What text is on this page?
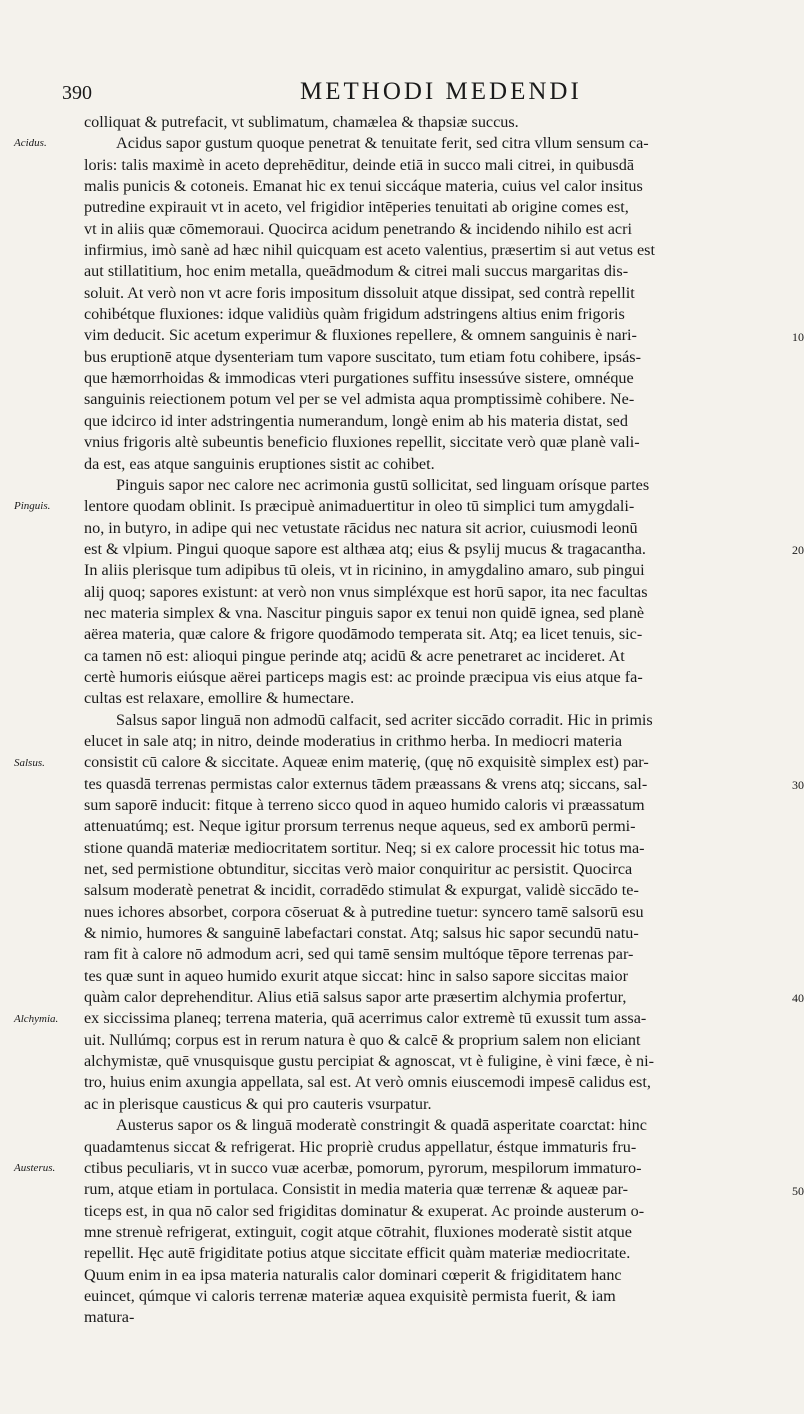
390	METHODI MEDENDI
colliquat & putrefacit, vt sublimatum, chamælea & thapsiæ succus.
Acidus sapor gustum quoque penetrat & tenuitate ferit, sed citra vllum sensum ca-
loris: talis maximè in aceto deprehēditur, deinde etiā in succo mali citrei, in quibusdā
malis punicis & cotoneis. Emanat hic ex tenui siccáque materia, cuius vel calor insitus
putredine expirauit vt in aceto, vel frigidior intēperies tenuitati ab origine comes est,
vt in aliis quæ cōmemoraui. Quocirca acidum penetrando & incidendo nihilo est acri
infirmius, imò sanè ad hæc nihil quicquam est aceto valentius, præsertim si aut vetus est
aut stillatitium, hoc enim metalla, queādmodum & citrei mali succus margaritas dis-
soluit. At verò non vt acre foris impositum dissoluit atque dissipat, sed contrà repellit
cohibétque fluxiones: idque validiùs quàm frigidum adstringens altius enim frigoris
vim deducit. Sic acetum experimur & fluxiones repellere, & omnem sanguinis è nari-
bus eruptionē atque dysenteriam tum vapore suscitato, tum etiam fotu cohibere, ipsás-
que hæmorrhoidas & immodicas vteri purgationes suffitu insessúve sistere, omnéque
sanguinis reiectionem potum vel per se vel admista aqua promptissimè cohibere. Ne-
que idcirco id inter adstringentia numerandum, longè enim ab his materia distat, sed
vnius frigoris altè subeuntis beneficio fluxiones repellit, siccitate verò quæ planè vali-
da est, eas atque sanguinis eruptiones sistit ac cohibet.
Pinguis sapor nec calore nec acrimonia gustū sollicitat, sed linguam orísque partes
lentore quodam oblinit. Is præcipuè animaduertitur in oleo tū simplici tum amygdali-
no, in butyro, in adipe qui nec vetustate rācidus nec natura sit acrior, cuiusmodi leonū
est & vlpium. Pingui quoque sapore est althæa atq; eius & psylij mucus & tragacantha.
In aliis plerisque tum adipibus tū oleis, vt in ricinino, in amygdalino amaro, sub pingui
alij quoq; sapores existunt: at verò non vnus simpléxque est horū sapor, ita nec facultas
nec materia simplex & vna. Nascitur pinguis sapor ex tenui non quidē ignea, sed planè
aërea materia, quæ calore & frigore quodāmodo temperata sit. Atq; ea licet tenuis, sic-
ca tamen nō est: alioqui pingue perinde atq; acidū & acre penetraret ac incideret. At
certè humoris eiúsque aërei particeps magis est: ac proinde præcipua vis eius atque fa-
cultas est relaxare, emollire & humectare.
Salsus sapor linguā non admodū calfacit, sed acriter siccādo corradit. Hic in primis
elucet in sale atq; in nitro, deinde moderatius in crithmo herba. In mediocri materia
consistit cū calore & siccitate. Aqueæ enim materię, (quę nō exquisitè simplex est) par-
tes quasdā terrenas permistas calor externus tādem præassans & vrens atq; siccans, sal-
sum saporē inducit: fitque à terreno sicco quod in aqueo humido caloris vi præassatum
attenuatúmq; est. Neque igitur prorsum terrenus neque aqueus, sed ex amborū permi-
stione quandā materiæ mediocritatem sortitur. Neq; si ex calore processit hic totus ma-
net, sed permistione obtunditur, siccitas verò maior conquiritur ac persistit. Quocirca
salsum moderatè penetrat & incidit, corradēdo stimulat & expurgat, validè siccādo te-
nues ichores absorbet, corpora cōseruat & à putredine tuetur: syncero tamē salsorū esu
& nimio, humores & sanguinē labefactari constat. Atq; salsus hic sapor secundū natu-
ram fit à calore nō admodum acri, sed qui tamē sensim multóque tēpore terrenas par-
tes quæ sunt in aqueo humido exurit atque siccat: hinc in salso sapore siccitas maior
quàm calor deprehenditur. Alius etiā salsus sapor arte præsertim alchymia profertur,
ex siccissima planeq; terrena materia, quā acerrimus calor extremè tū exussit tum assa-
uit. Nullúmq; corpus est in rerum natura è quo & calcē & proprium salem non eliciant
alchymistæ, quē vnusquisque gustu percipiat & agnoscat, vt è fuligine, è vini fæce, è ni-
tro, huius enim axungia appellata, sal est. At verò omnis eiuscemodi impesē calidus est,
ac in plerisque causticus & qui pro cauteris vsurpatur.
Austerus sapor os & linguā moderatè constringit & quadā asperitate coarctat: hinc
quadamtenus siccat & refrigerat. Hic propriè crudus appellatur, éstque immaturis fru-
ctibus peculiaris, vt in succo vuæ acerbæ, pomorum, pyrorum, mespilorum immaturo-
rum, atque etiam in portulaca. Consistit in media materia quæ terrenæ & aqueæ par-
ticeps est, in qua nō calor sed frigiditas dominatur & exuperat. Ac proinde austerum o-
mne strenuè refrigerat, extinguit, cogit atque cōtrahit, fluxiones moderatè sistit atque
repellit. Hęc autē frigiditate potius atque siccitate efficit quàm materiæ mediocritate.
Quum enim in ea ipsa materia naturalis calor dominari cœperit & frigiditatem hanc
euincet, qúmque vi caloris terrenæ materiæ aquea exquisitè permista fuerit, & iam
matura-
Acidus.
Pinguis.
Salsus.
Alchymia.
Austerus.
10
20
30
40
50
